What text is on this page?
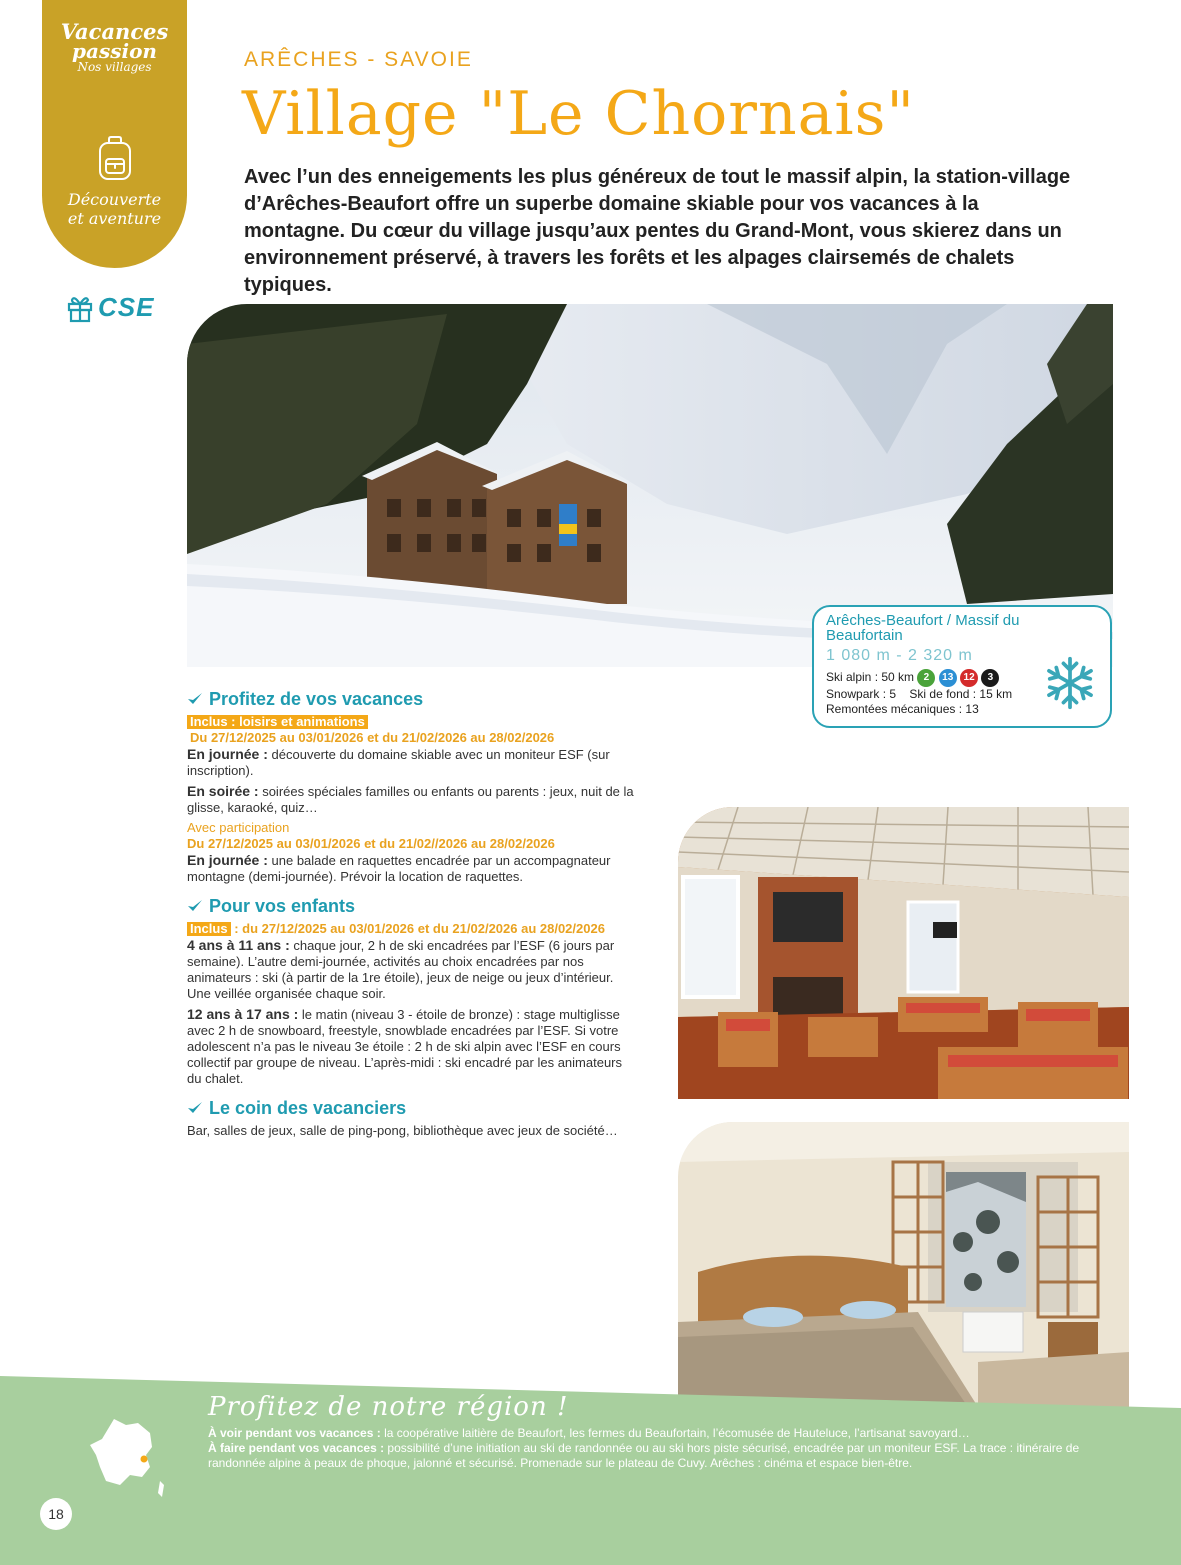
Vacances
passion
Nos villages
Découverte
et aventure
CSE
ARÊCHES - SAVOIE
Village "Le Chornais"
Avec l’un des enneigements les plus généreux de tout le massif alpin, la station-village d’Arêches-Beaufort offre un superbe domaine skiable pour vos vacances à la montagne. Du cœur du village jusqu’aux pentes du Grand-Mont, vous skierez dans un environnement préservé, à travers les forêts et les alpages clairsemés de chalets typiques.
Arêches-Beaufort / Massif du Beaufortain
1 080 m - 2 320 m
Ski alpin : 50 km 2 13 12 3
Snowpark : 5 Ski de fond : 15 km
Remontées mécaniques : 13
Profitez de vos vacances
Inclus : loisirs et animations
Du 27/12/2025 au 03/01/2026 et du 21/02/2026 au 28/02/2026
En journée : découverte du domaine skiable avec un moniteur ESF (sur inscription).
En soirée : soirées spéciales familles ou enfants ou parents : jeux, nuit de la glisse, karaoké, quiz…
Avec participation
Du 27/12/2025 au 03/01/2026 et du 21/02//2026 au 28/02/2026
En journée : une balade en raquettes encadrée par un accompagnateur montagne (demi-journée). Prévoir la location de raquettes.
Pour vos enfants
Inclus : du 27/12/2025 au 03/01/2026 et du 21/02/2026 au 28/02/2026
4 ans à 11 ans : chaque jour, 2 h de ski encadrées par l’ESF (6 jours par semaine). L’autre demi-journée, activités au choix encadrées par nos animateurs : ski (à partir de la 1re étoile), jeux de neige ou jeux d’intérieur. Une veillée organisée chaque soir.
12 ans à 17 ans : le matin (niveau 3 - étoile de bronze) : stage multiglisse avec 2 h de snowboard, freestyle, snowblade encadrées par l’ESF. Si votre adolescent n’a pas le niveau 3e étoile : 2 h de ski alpin avec l’ESF en cours collectif par groupe de niveau. L’après-midi : ski encadré par les animateurs du chalet.
Le coin des vacanciers
Bar, salles de jeux, salle de ping-pong, bibliothèque avec jeux de société…
Profitez de notre région !
À voir pendant vos vacances : la coopérative laitière de Beaufort, les fermes du Beaufortain, l’écomusée de Hauteluce, l’artisanat savoyard…
À faire pendant vos vacances : possibilité d’une initiation au ski de randonnée ou au ski hors piste sécurisé, encadrée par un moniteur ESF. La trace : itinéraire de randonnée alpine à peaux de phoque, jalonné et sécurisé. Promenade sur le plateau de Cuvy. Arêches : cinéma et espace bien-être.
18
